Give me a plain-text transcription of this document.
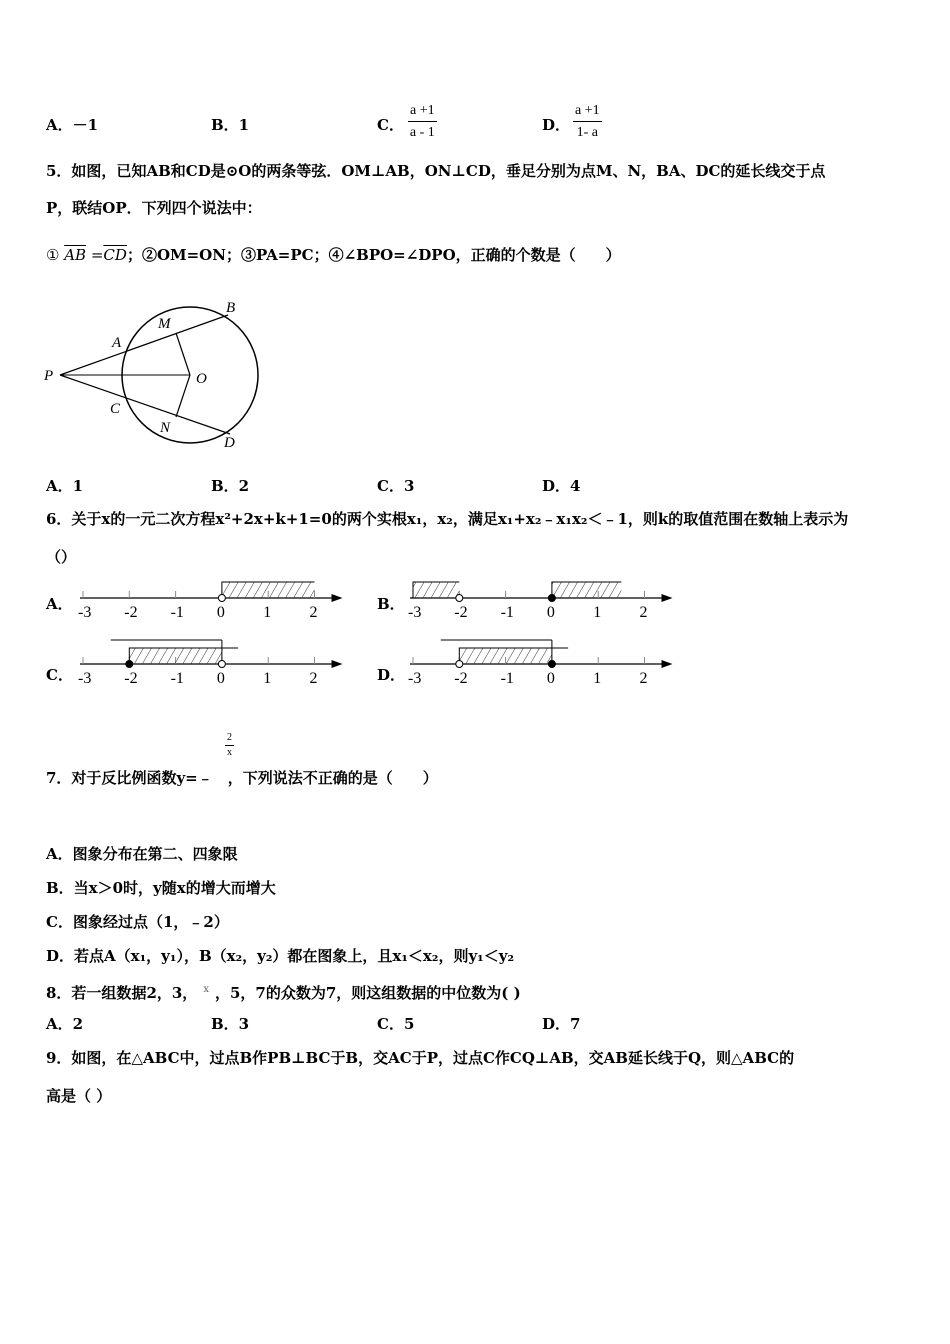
A．－1	B．1	C． $\frac{a +1}{a - 1}$	D． $\frac{a +1}{1- a}$
5．如图，已知AB和CD是⊙O的两条等弦．OM⊥AB，ON⊥CD，垂足分别为点M、N，BA、DC的延长线交于点
P，联结OP．下列四个说法中：
① $\overline{AB} =\overline{CD}$；②OM=ON；③PA=PC；④∠BPO=∠DPO，正确的个数是（　　）
P
A
B
M
O
C
N
D
A．1	B．2	C．3	D．4
6．关于x的一元二次方程x²+2x+k+1=0的两个实根x₁，x₂，满足x₁+x₂﹣x₁x₂＜﹣1，则k的取值范围在数轴上表示为
（）
A．	B．
C．	D．
-3 -2 -1 0 1 2	-3 -2 -1 0 1 2
-3 -2 -1 0 1 2	-3 -2 -1 0 1 2
$\frac{2}{x}$
7．对于反比例函数y=﹣　，下列说法不正确的是（　　）
A．图象分布在第二、四象限
B．当x＞0时，y随x的增大而增大
C．图象经过点（1，﹣2）
D．若点A（x₁，y₁），B（x₂，y₂）都在图象上，且x₁＜x₂，则y₁＜y₂
8．若一组数据2，3， $^x$ ，5，7的众数为7，则这组数据的中位数为( )
A．2	B．3	C．5	D．7
9．如图，在△ABC中，过点B作PB⊥BC于B，交AC于P，过点C作CQ⊥AB，交AB延长线于Q，则△ABC的
高是（ ）
